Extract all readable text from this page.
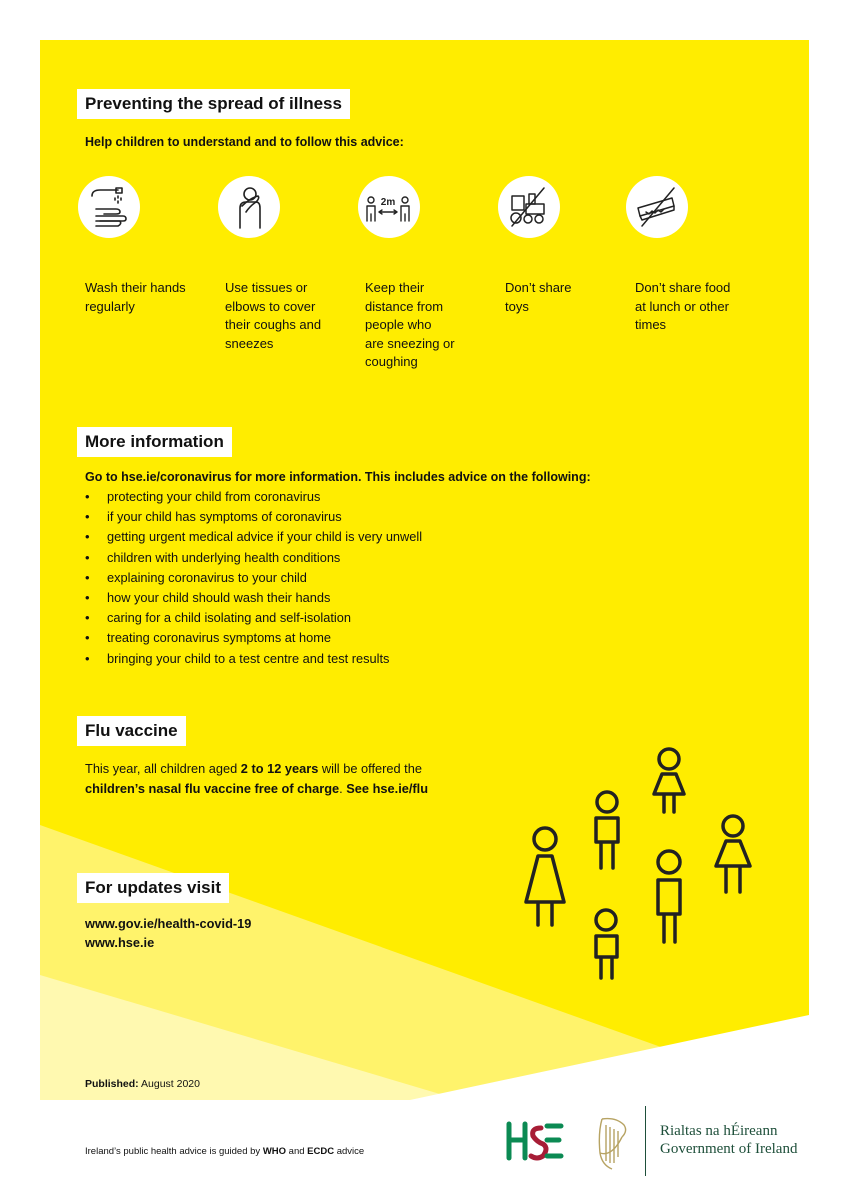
Preventing the spread of illness
Help children to understand and to follow this advice:
2m
Wash their hands
regularly
Use tissues or
elbows to cover
their coughs and
sneezes
Keep their
distance from
people who
are sneezing or
coughing
Don’t share
toys
Don’t share food
at lunch or other
times
More information
Go to hse.ie/coronavirus for more information. This includes advice on the following:
• protecting your child from coronavirus
• if your child has symptoms of coronavirus
• getting urgent medical advice if your child is very unwell
• children with underlying health conditions
• explaining coronavirus to your child
• how your child should wash their hands
• caring for a child isolating and self-isolation
• treating coronavirus symptoms at home
• bringing your child to a test centre and test results
Flu vaccine
This year, all children aged 2 to 12 years will be offered the
children’s nasal flu vaccine free of charge. See hse.ie/flu
For updates visit
www.gov.ie/health-covid-19
www.hse.ie
Published: August 2020
Ireland’s public health advice is guided by WHO and ECDC advice
Rialtas na hÉireann
Government of Ireland
